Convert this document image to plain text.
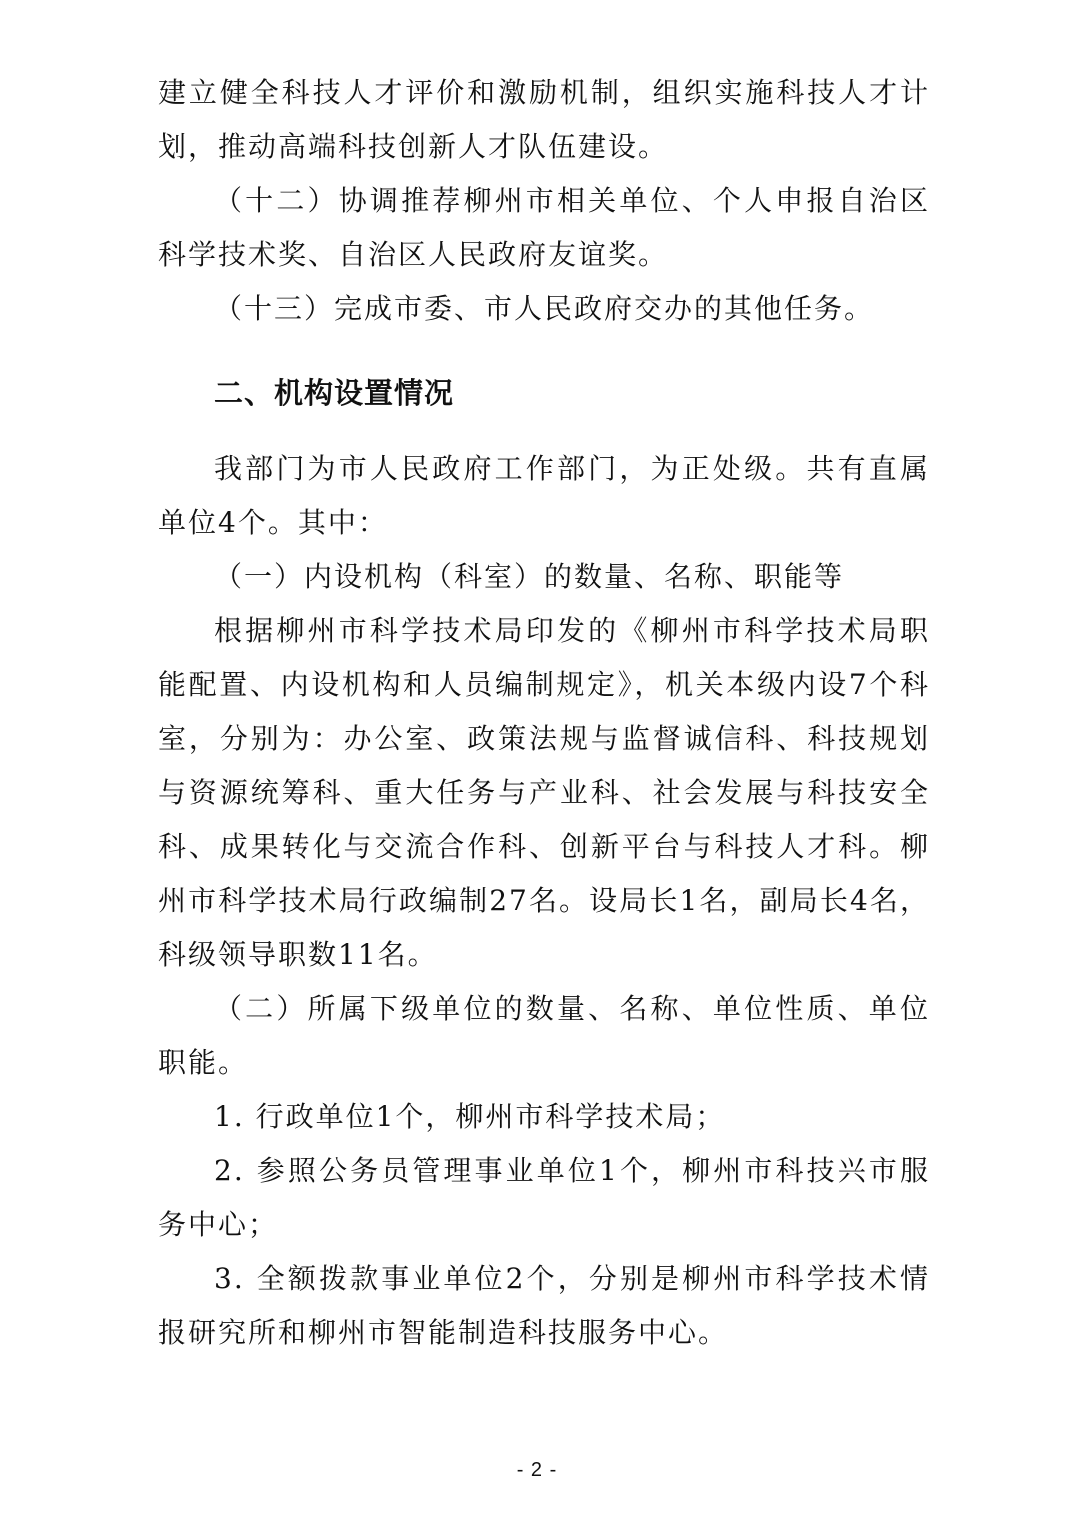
建立健全科技人才评价和激励机制，组织实施科技人才计划，推动高端科技创新人才队伍建设。

（十二）协调推荐柳州市相关单位、个人申报自治区科学技术奖、自治区人民政府友谊奖。

（十三）完成市委、市人民政府交办的其他任务。

二、机构设置情况

我部门为市人民政府工作部门，为正处级。共有直属单位4个。其中：

（一）内设机构（科室）的数量、名称、职能等

根据柳州市科学技术局印发的《柳州市科学技术局职能配置、内设机构和人员编制规定》，机关本级内设7个科室，分别为：办公室、政策法规与监督诚信科、科技规划与资源统筹科、重大任务与产业科、社会发展与科技安全科、成果转化与交流合作科、创新平台与科技人才科。柳州市科学技术局行政编制27名。设局长1名，副局长4名，科级领导职数11名。

（二）所属下级单位的数量、名称、单位性质、单位职能。

1. 行政单位1个，柳州市科学技术局；

2. 参照公务员管理事业单位1个，柳州市科技兴市服务中心；

3. 全额拨款事业单位2个，分别是柳州市科学技术情报研究所和柳州市智能制造科技服务中心。

- 2 -
